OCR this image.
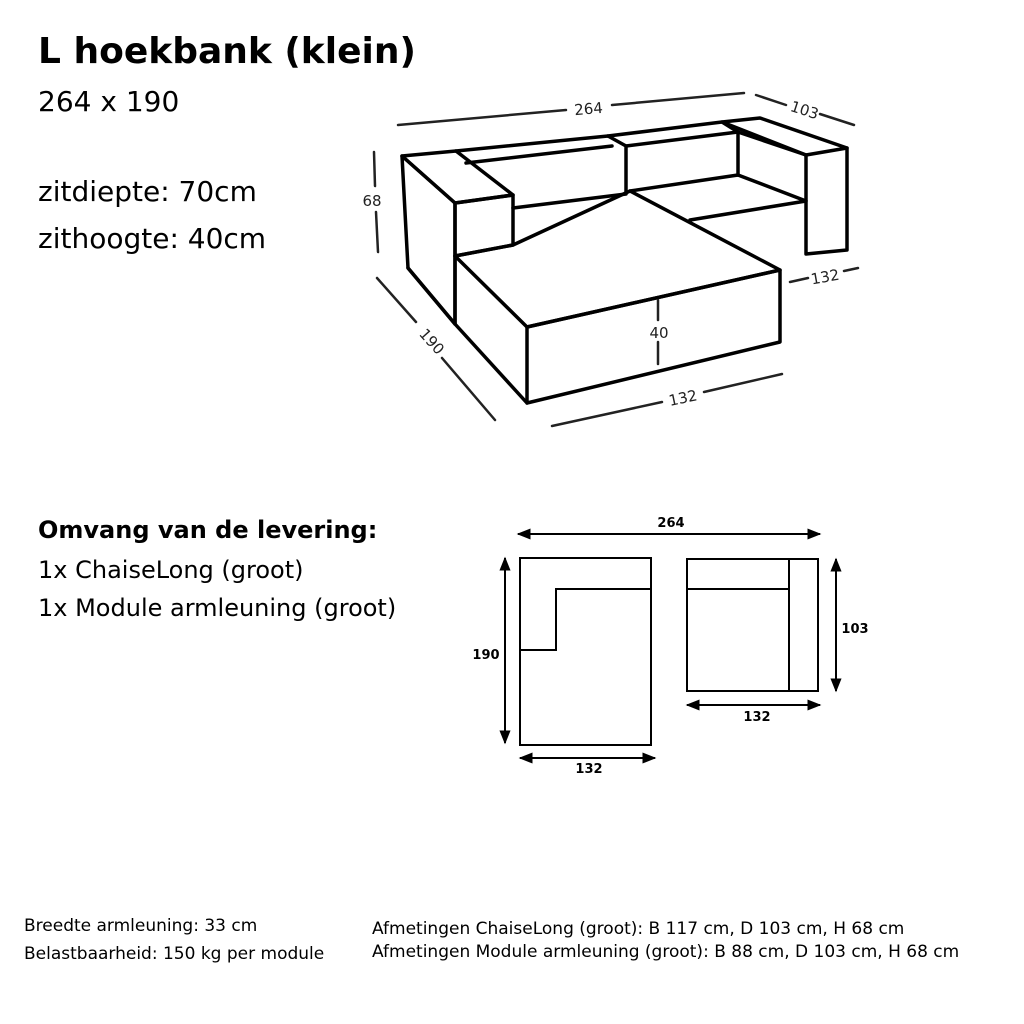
L hoekbank (klein)
264 x 190
zitdiepte: 70cm
zithoogte: 40cm
Omvang van de levering:
1x ChaiseLong (groot)
1x Module armleuning (groot)
Breedte armleuning: 33 cm
Belastbaarheid: 150 kg per module
Afmetingen ChaiseLong (groot): B 117 cm, D 103 cm, H 68 cm
Afmetingen Module armleuning (groot): B 88 cm, D 103 cm, H 68 cm
264	103
68
190
132
40
132
264
190
132
103
132
